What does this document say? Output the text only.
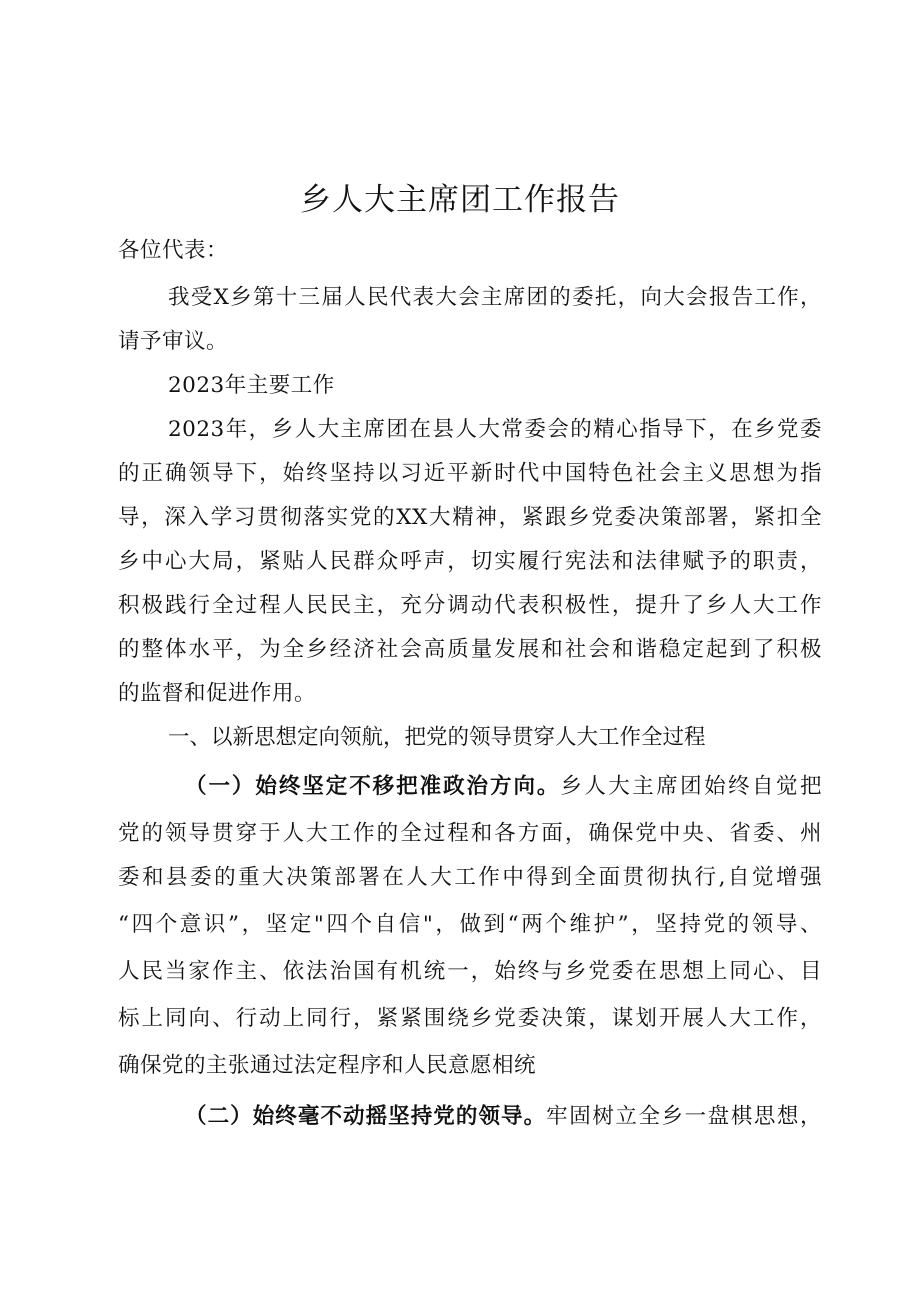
乡人大主席团工作报告
各位代表：
我受X乡第十三届人民代表大会主席团的委托，向大会报告工作，
请予审议。
2023年主要工作
2023年，乡人大主席团在县人大常委会的精心指导下，在乡党委
的正确领导下，始终坚持以习近平新时代中国特色社会主义思想为指
导，深入学习贯彻落实党的XX大精神，紧跟乡党委决策部署，紧扣全
乡中心大局，紧贴人民群众呼声，切实履行宪法和法律赋予的职责，
积极践行全过程人民民主，充分调动代表积极性，提升了乡人大工作
的整体水平，为全乡经济社会高质量发展和社会和谐稳定起到了积极
的监督和促进作用。
一、以新思想定向领航，把党的领导贯穿人大工作全过程
（一）始终坚定不移把准政治方向。乡人大主席团始终自觉把
党的领导贯穿于人大工作的全过程和各方面，确保党中央、省委、州
委和县委的重大决策部署在人大工作中得到全面贯彻执行,自觉增强
“四个意识”，坚定"四个自信"，做到“两个维护”，坚持党的领导、
人民当家作主、依法治国有机统一，始终与乡党委在思想上同心、目
标上同向、行动上同行，紧紧围绕乡党委决策，谋划开展人大工作，
确保党的主张通过法定程序和人民意愿相统
（二）始终毫不动摇坚持党的领导。牢固树立全乡一盘棋思想，
